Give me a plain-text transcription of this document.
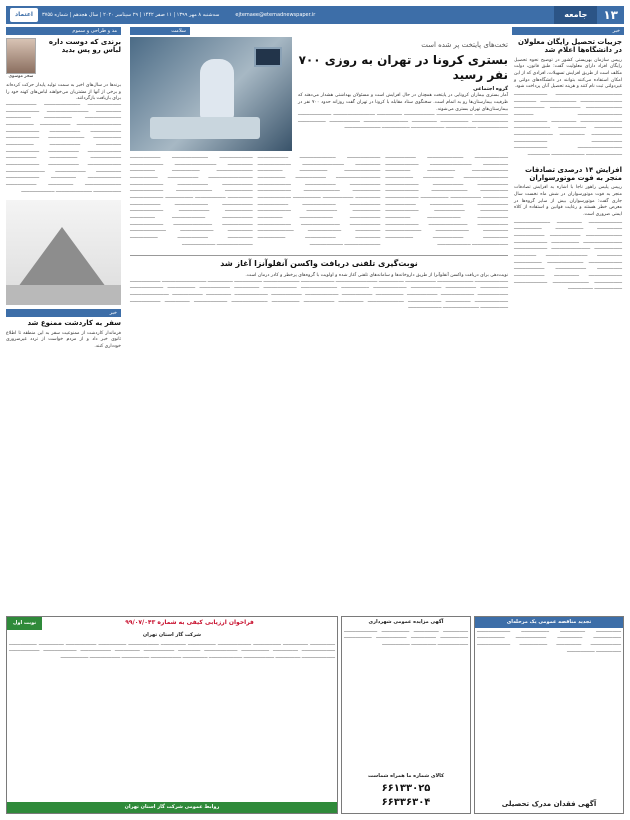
۱۳
جامعه
ejtemaee@etemadnewspaper.ir
سه‌شنبه ۸ مهر ۱۳۹۹ | ۱۱ صفر ۱۴۴۲ | ۲۹ سپتامبر ۲۰۲۰ | سال هجدهم | شماره ۳۷۵۵
اعتماد
خبر
جزییات تحصیل رایگان معلولان در دانشگاه‌ها اعلام شد
رییس سازمان بهزیستی کشور در توضیح نحوه تحصیل رایگان افراد دارای معلولیت گفت: طبق قانون، دولت مکلف است از طریق افزایش تسهیلات، افرادی که از این امکان استفاده می‌کنند بتوانند در دانشگاه‌های دولتی و غیردولتی ثبت نام کنند و هزینه تحصیل آنان پرداخت شود.
──────────────────────── ──────────── ─────────────── ───────────── ──────── ───────────── ─────────── ─────────── ──────────────── ─────── ─────────────── ───────── ──────────── ────────── ────────── ───────────── ─────────── ───────── ────────────── ─────────── ──────────── ──────────────── ──────────── ───────────── ──────────── ────────
افزایش ۱۴ درصدی تصادفات منجر به فوت موتورسواران
رییس پلیس راهور ناجا با اشاره به افزایش تصادفات منجر به فوت موتورسواران در شش ماه نخست سال جاری گفت: موتورسواران بیش از سایر گروه‌ها در معرض خطر هستند و رعایت قوانین و استفاده از کلاه ایمنی ضروری است.
──────────── ───────── ───────────── ───────── ────────── ────────── ───────────── ─────────── ─────────── ────────────── ────────── ──────────── ────────── ────────────── ──────────── ───────── ─────────────── ──────── ──────────── ───────────── ────────── ───────── ─────────── ─────────── ──────────── ───────── ─────────── ────────── ───────────── ──────────── ────────── ─────────
سلامت
تخت‌های پایتخت پر شده است
بستری کرونا در تهران به روزی ۷۰۰ نفر رسید
گروه اجتماعی
آمار بستری بیماران کرونایی در پایتخت همچنان در حال افزایش است و مسئولان بهداشتی هشدار می‌دهند که ظرفیت بیمارستان‌ها رو به اتمام است. سخنگوی ستاد مقابله با کرونا در تهران گفت روزانه حدود ۷۰۰ نفر در بیمارستان‌های تهران بستری می‌شوند.
──────────── ───────────── ─────────── ───────── ─────────────── ──────────── ───────────── ────────── ───────── ──────────────── ─────────── ────────── ─────────── ─────────── ──────────── ────────── ─────────────
──────────── ───────────── ─────────── ───────── ─────────────── ──────────── ───────────── ────────── ───────── ──────────────── ─────────── ────────── ─────────── ─────────── ──────────── ────────── ───────────── ──────────── ───────── ─────────── ────────── ──────────── ─────────── ──────────── ─────────── ────────── ─────────── ──────────── ─────────── ──────────── ───────── ─────────── ────────────── ──────────── ───────── ──────────── ───────────── ───────── ─────────── ────────── ───────────── ────────────
──────────── ───────────── ─────────── ───────── ─────────────── ──────────── ───────────── ────────── ───────── ──────────────── ─────────── ────────── ─────────── ─────────── ──────────── ────────── ───────────── ──────────── ───────── ─────────── ────────── ──────────── ─────────── ──────────── ─────────── ────────── ─────────── ──────────── ─────────── ──────────── ───────── ─────────── ────────────── ──────────── ───────── ──────────── ───────────── ───────── ─────────── ────────── ───────────── ────────────
──────────── ───────────── ─────────── ───────── ─────────────── ──────────── ───────────── ────────── ───────── ──────────────── ─────────── ────────── ─────────── ─────────── ──────────── ────────── ───────────── ──────────── ───────── ─────────── ────────── ──────────── ─────────── ──────────── ─────────── ────────── ─────────── ──────────── ─────────── ──────────── ───────── ─────────── ────────────── ──────────── ───────── ──────────── ───────────── ───────── ─────────── ────────── ───────────── ────────────
نوبت‌گیری تلفنی دریافت واکسن آنفلوآنزا آغاز شد
نوبت‌دهی برای دریافت واکسن آنفلوآنزا از طریق داروخانه‌ها و سامانه‌های تلفنی آغاز شده و اولویت با گروه‌های پرخطر و کادر درمان است.
──────────── ───────────── ─────────── ───────── ─────────────── ──────────── ───────────── ────────── ───────── ──────────────── ─────────── ────────── ─────────── ─────────── ──────────── ────────── ───────────── ──────────── ───────── ─────────── ────────── ──────────── ─────────── ──────────── ─────────── ────────── ─────────── ──────────── ─────────── ──────────── ───────── ─────────── ────────────── ──────────── ───────── ──────────── ───────────── ───────── ─────────── ────────── ───────────── ──────────── ───────── ─────────── ────────── ───────────── ────────────
مد و طراحی و سموم
برندی که دوست داره لباس رو پس بدید
سحر موسوی
برندها در سال‌های اخیر به سمت تولید پایدار حرکت کرده‌اند و برخی از آنها از مشتریان می‌خواهند لباس‌های کهنه خود را برای بازیافت بازگردانند.
──────────── ───────────── ─────────── ───────── ─────────────── ──────────── ───────────── ────────── ───────── ──────────────── ─────────── ────────── ─────────── ─────────── ──────────── ────────── ───────────── ──────────── ───────── ─────────── ────────── ──────────── ─────────── ──────────── ─────────── ────────── ─────────── ──────────── ─────────── ──────────── ───────── ─────────── ────────────── ──────────── ───────── ──────────── ───────────── ───────── ─────────── ────────── ───────────── ────────────
خبر
سفر به کارد‌شت ممنوع شد
فرماندار کارد‌شت از ممنوعیت سفر به این منطقه تا اطلاع ثانوی خبر داد و از مردم خواست از تردد غیرضروری خودداری کنند.
تجدید مناقصه عمومی یک مرحله‌ای
───────── ───────── ────────── ──────────── ────────── ───────── ─────────── ────────── ─────────── ───────── ────────── ──────────── ───────── ──────────
آگهی فقدان مدرک تحصیلی
آگهی مزایده عمومی شهرداری
───────── ───────── ────────── ──────────── ────────── ───────── ─────────── ────────── ─────────── ───────── ──────────
کالای شماره ما همراه شماست
۶۶۱۳۳۰۲۵
۶۶۳۳۶۳۰۴
فراخوان ارزیابی کیفی به شماره ۹۹/۰۷/۰۴۳
نوبت اول
شرکت گاز استان تهران
───────── ───────── ────────── ──────────── ────────── ───────── ─────────── ────────── ─────────── ───────── ────────── ──────────── ───────── ────────── ──────────── ──────── ─────────── ───────── ─────────── ──────────── ─────────── ──────────── ───────── ─────────── ──────────── ───────── ─────────── ────────── ─────────── ──────────
روابط عمومی شرکت گاز استان تهران
